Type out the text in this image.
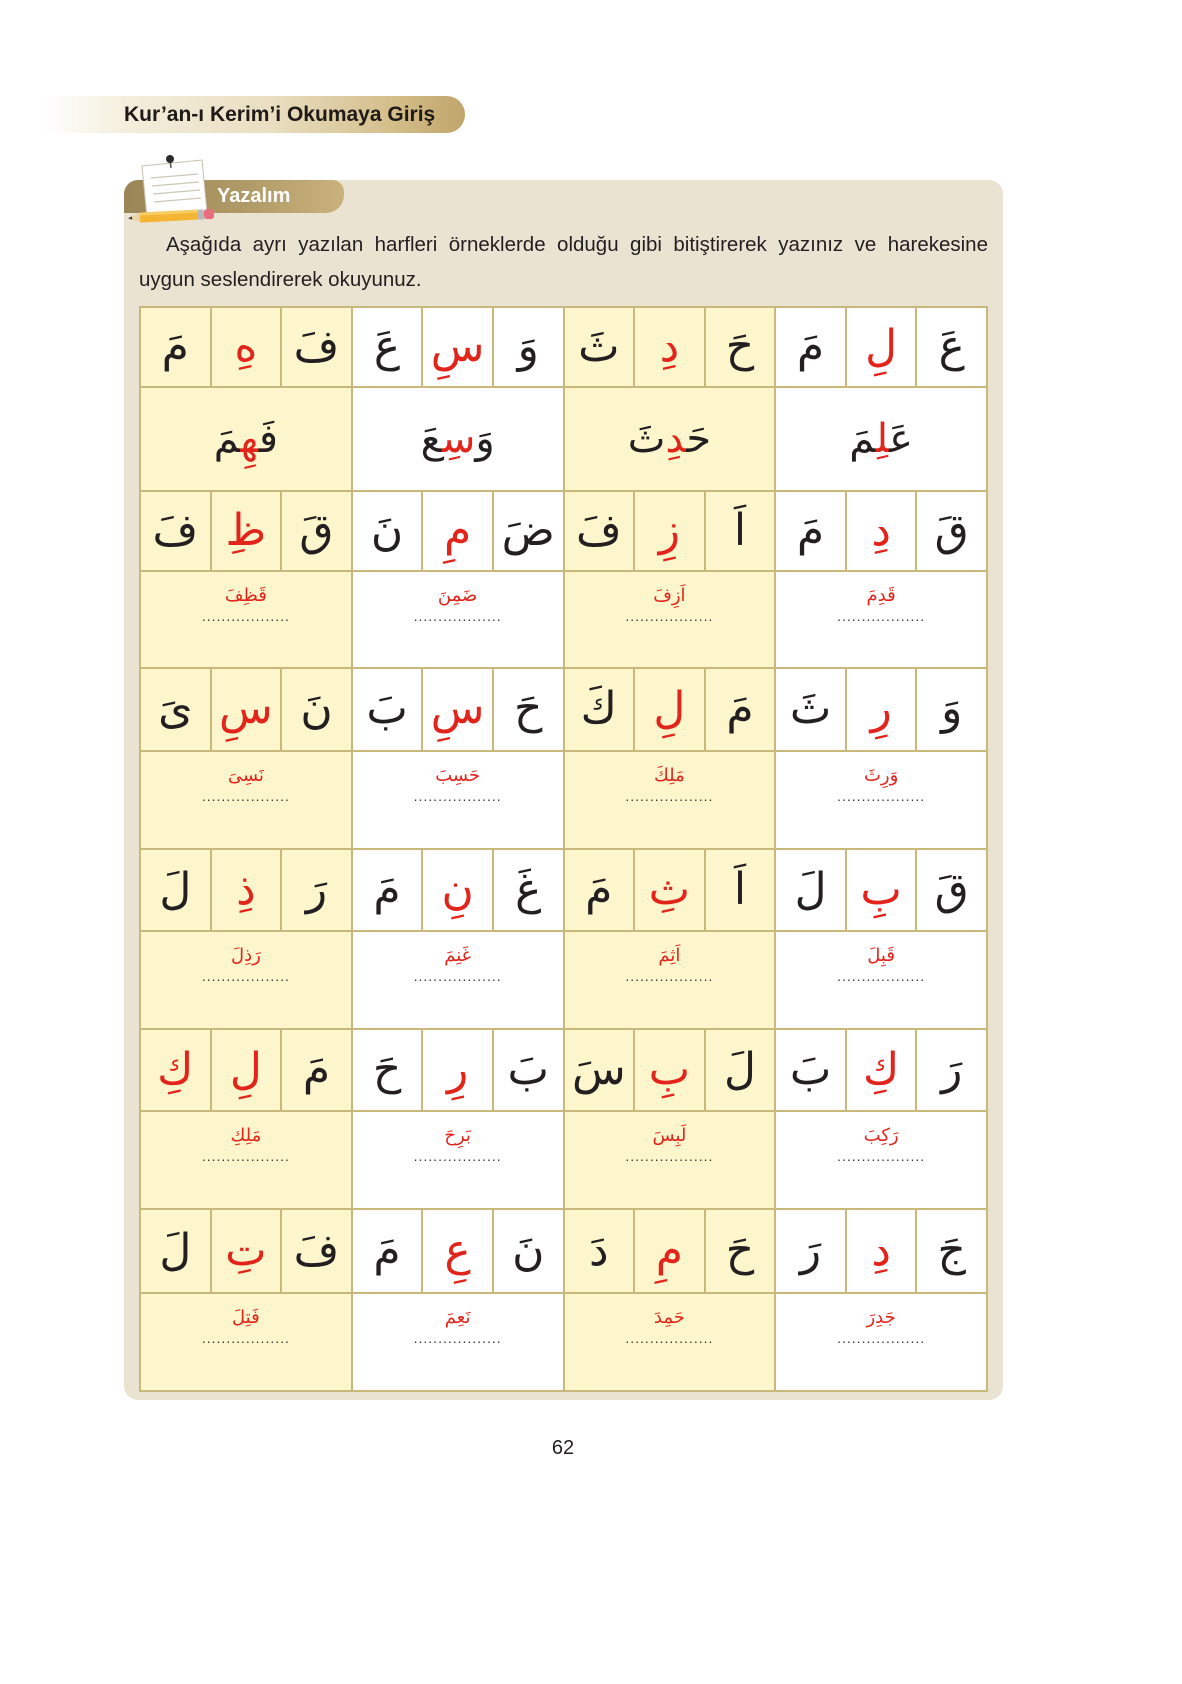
Kur’an-ı Kerim’i Okumaya Giriş
Yazalım

Aşağıda ayrı yazılan harfleri örneklerde olduğu gibi bitiştirerek yazınız ve harekesine
uygun seslendirerek okuyunuz.

عَ
لِ
مَ
حَ
دِ
ثَ
وَ
سِ
عَ
فَ
هِ
مَ
عَلِمَ
حَدِثَ
وَسِعَ
فَهِمَ
قَ
دِ
مَ
اَ
زِ
فَ
ضَ
مِ
نَ
قَ
ظِ
فَ
قَدِمَ
..................
اَزِفَ
..................
ضَمِنَ
..................
قَظِفَ
..................
وَ
رِ
ثَ
مَ
لِ
كَ
حَ
سِ
بَ
نَ
سِ
ىَ
وَرِثَ
..................
مَلِكَ
..................
حَسِبَ
..................
نَسِىَ
..................
قَ
بِ
لَ
اَ
ثِ
مَ
غَ
نِ
مَ
رَ
ذِ
لَ
قَبِلَ
..................
اَثِمَ
..................
غَنِمَ
..................
رَذِلَ
..................
رَ
كِ
بَ
لَ
بِ
سَ
بَ
رِ
حَ
مَ
لِ
كِ
رَكِبَ
..................
لَبِسَ
..................
بَرِحَ
..................
مَلِكِ
..................
جَ
دِ
رَ
حَ
مِ
دَ
نَ
عِ
مَ
فَ
تِ
لَ
جَدِرَ
..................
حَمِدَ
..................
نَعِمَ
..................
فَتِلَ
..................
62
